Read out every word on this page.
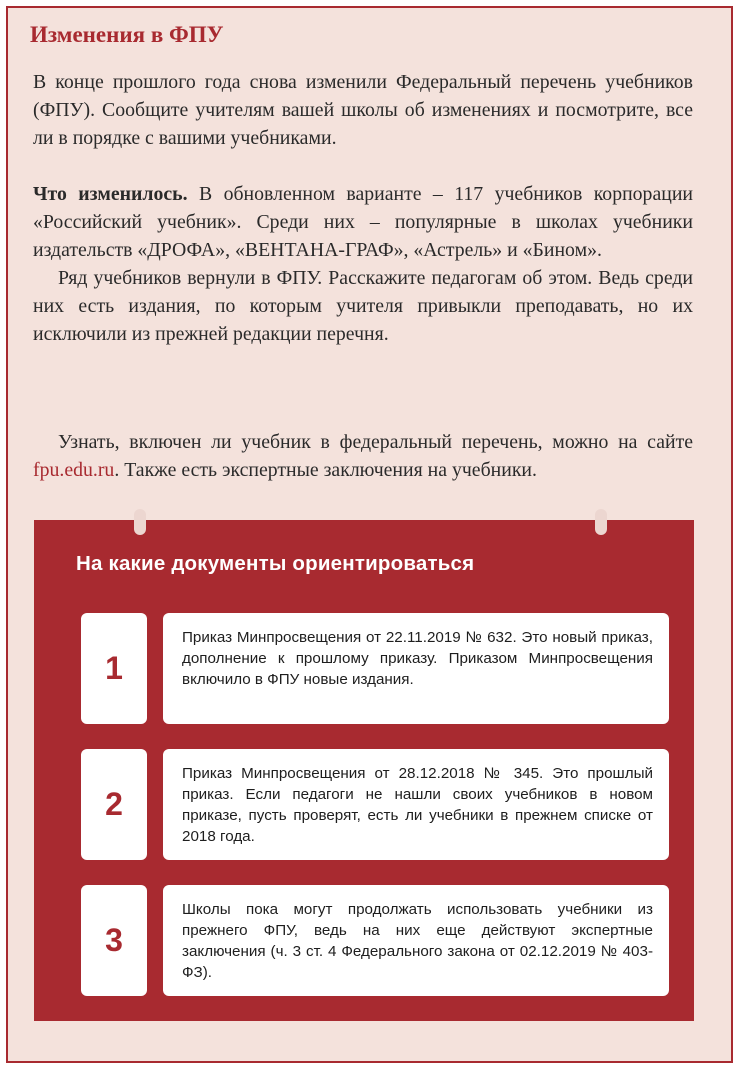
Изменения в ФПУ

В конце прошлого года снова изменили Федеральный перечень учебников (ФПУ). Сообщите учителям вашей школы об изменениях и посмотрите, все ли в порядке с вашими учебниками.

Что изменилось. В обновленном варианте – 117 учебников корпорации «Российский учебник». Среди них – популярные в школах учебники издательств «ДРОФА», «ВЕНТАНА-ГРАФ», «Астрель» и «Бином».
Ряд учебников вернули в ФПУ. Расскажите педагогам об этом. Ведь среди них есть издания, по которым учителя привыкли преподавать, но их исключили из прежней редакции перечня.

Узнать, включен ли учебник в федеральный перечень, можно на сайте fpu.edu.ru. Также есть экспертные заключения на учебники.

На какие документы ориентироваться
1
Приказ Минпросвещения от 22.11.2019 № 632. Это новый приказ, дополнение к прошлому приказу. Приказом Минпросвещения включило в ФПУ новые издания.
2
Приказ Минпросвещения от 28.12.2018 № 345. Это прошлый приказ. Если педагоги не нашли своих учебников в новом приказе, пусть проверят, есть ли учебники в прежнем списке от 2018 года.
3
Школы пока могут продолжать использовать учебники из прежнего ФПУ, ведь на них еще действуют экспертные заключения (ч. 3 ст. 4 Федерального закона от 02.12.2019 № 403-ФЗ).
